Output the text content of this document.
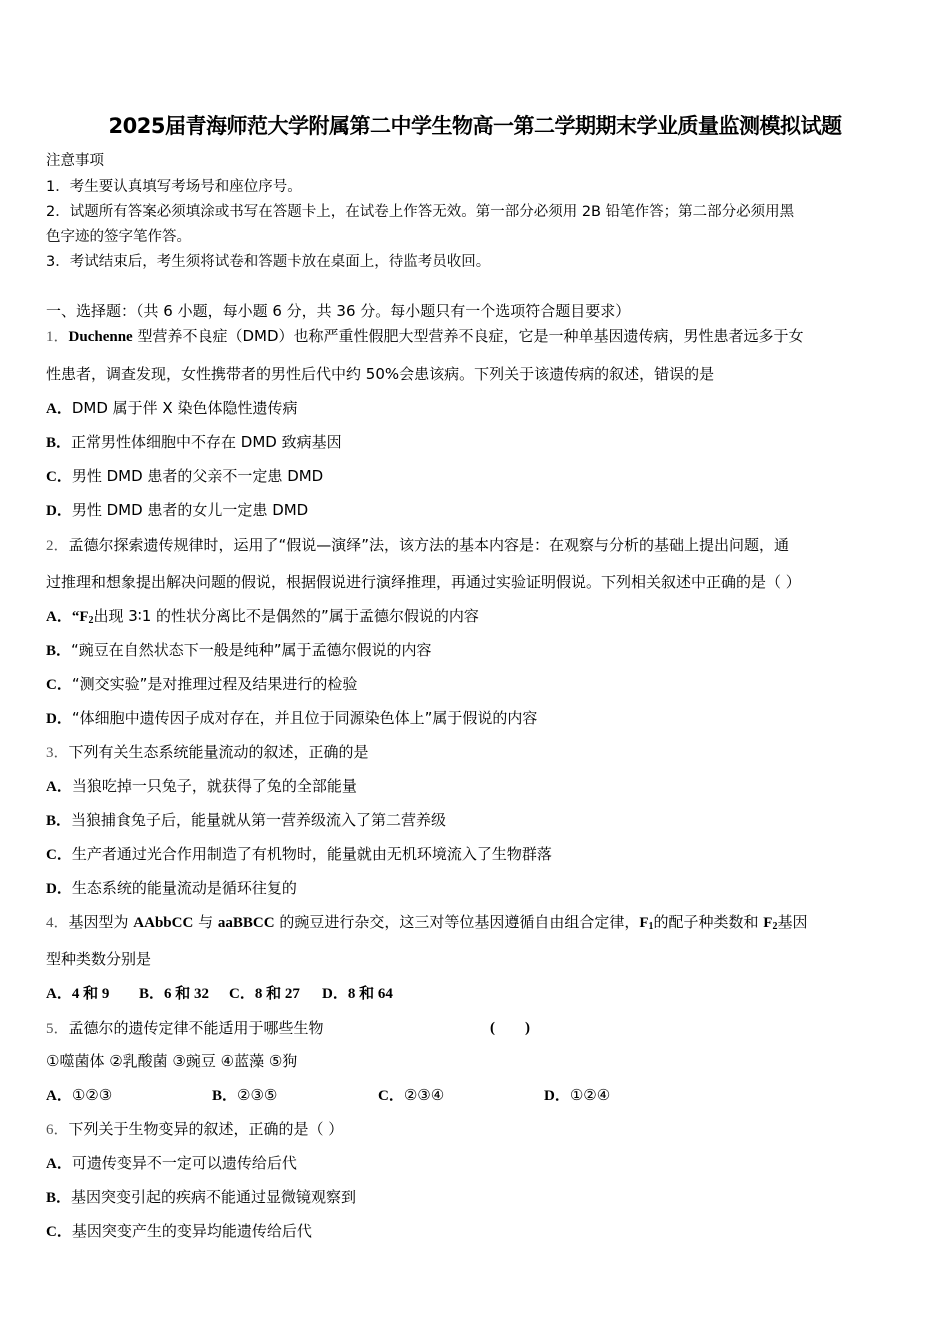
2025届青海师范大学附属第二中学生物高一第二学期期末学业质量监测模拟试题
注意事项
1．考生要认真填写考场号和座位序号。
2．试题所有答案必须填涂或书写在答题卡上，在试卷上作答无效。第一部分必须用 2B 铅笔作答；第二部分必须用黑
色字迹的签字笔作答。
3．考试结束后，考生须将试卷和答题卡放在桌面上，待监考员收回。
一、选择题：（共 6 小题，每小题 6 分，共 36 分。每小题只有一个选项符合题目要求）
1．Duchenne 型营养不良症（DMD）也称严重性假肥大型营养不良症，它是一种单基因遗传病，男性患者远多于女
性患者，调查发现，女性携带者的男性后代中约 50%会患该病。下列关于该遗传病的叙述，错误的是
A．DMD 属于伴 X 染色体隐性遗传病
B．正常男性体细胞中不存在 DMD 致病基因
C．男性 DMD 患者的父亲不一定患 DMD
D．男性 DMD 患者的女儿一定患 DMD
2．孟德尔探索遗传规律时，运用了“假说—演绎”法，该方法的基本内容是：在观察与分析的基础上提出问题，通
过推理和想象提出解决问题的假说，根据假说进行演绎推理，再通过实验证明假说。下列相关叙述中正确的是（ ）
A．“$F_2$出现 3∶1 的性状分离比不是偶然的”属于孟德尔假说的内容
B．“豌豆在自然状态下一般是纯种”属于孟德尔假说的内容
C．“测交实验”是对推理过程及结果进行的检验
D．“体细胞中遗传因子成对存在，并且位于同源染色体上”属于假说的内容
3．下列有关生态系统能量流动的叙述，正确的是
A．当狼吃掉一只兔子，就获得了兔的全部能量
B．当狼捕食兔子后，能量就从第一营养级流入了第二营养级
C．生产者通过光合作用制造了有机物时，能量就由无机环境流入了生物群落
D．生态系统的能量流动是循环往复的
4．基因型为 AAbbCC 与 aaBBCC 的豌豆进行杂交，这三对等位基因遵循自由组合定律，$F_1$的配子种类数和 $F_2$基因
型种类数分别是
A．4 和 9 B．6 和 32 C．8 和 27 D．8 和 64
5．孟德尔的遗传定律不能适用于哪些生物	(　　)
①噬菌体 ②乳酸菌 ③豌豆 ④蓝藻 ⑤狗
A．①②③	B．②③⑤	C．②③④	D．①②④
6．下列关于生物变异的叙述，正确的是（ ）
A．可遗传变异不一定可以遗传给后代
B．基因突变引起的疾病不能通过显微镜观察到
C．基因突变产生的变异均能遗传给后代
